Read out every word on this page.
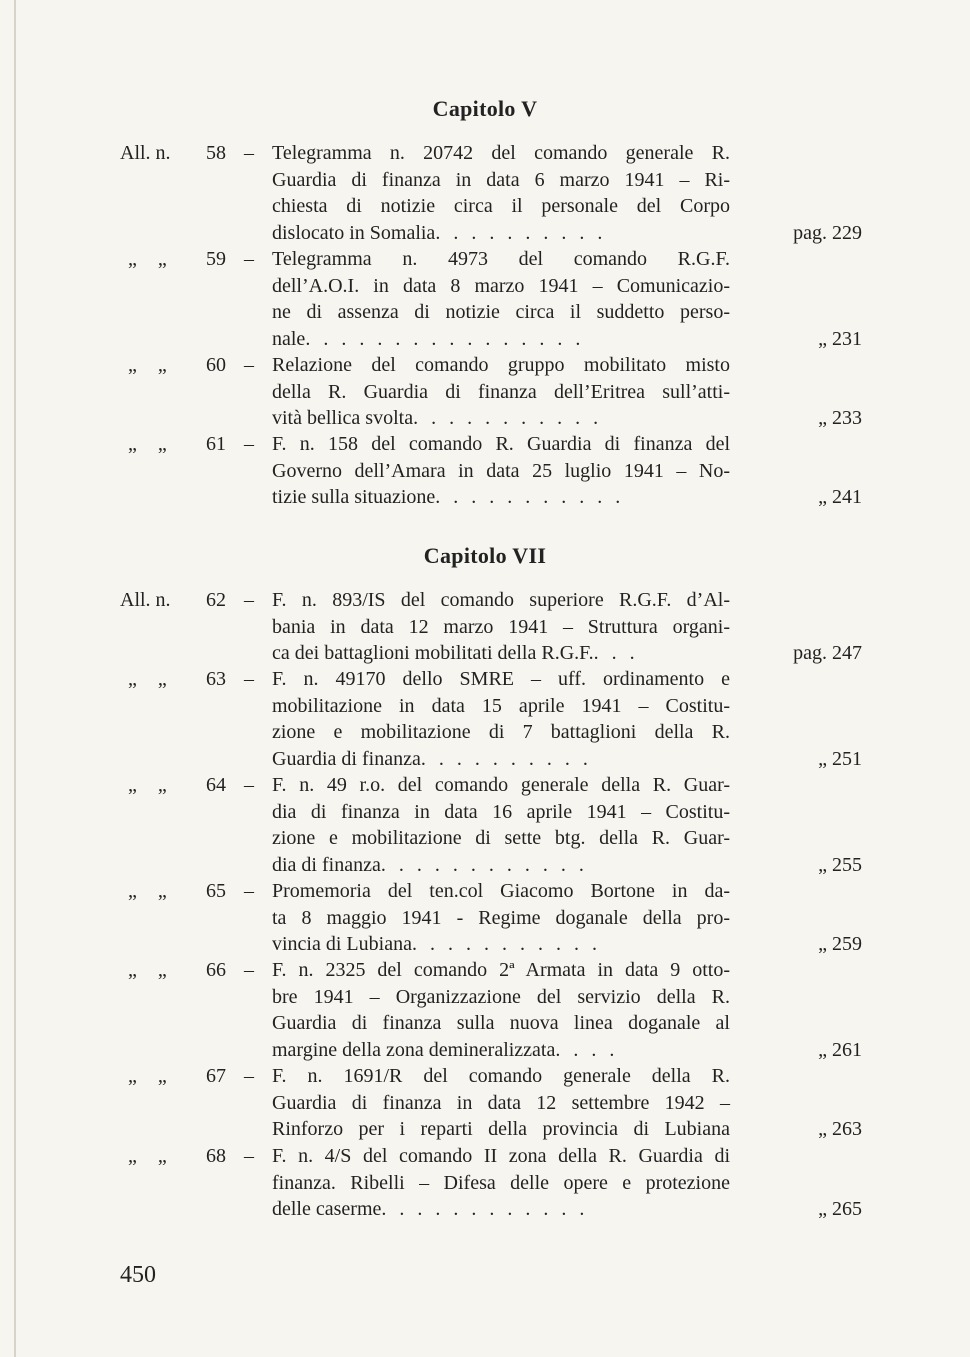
Capitolo V
All. n.	58 – Telegramma n. 20742 del comando generale R.
Guardia di finanza in data 6 marzo 1941 – Ri-
chiesta di notizie circa il personale del Corpo
dislocato in Somalia. . . . . . . . . .	pag. 229
„ „	59 – Telegramma n. 4973 del comando R.G.F.
dell’A.O.I. in data 8 marzo 1941 – Comunicazio-
ne di assenza di notizie circa il suddetto perso-
nale. . . . . . . . . . . . . . . .	„ 231
„ „	60 – Relazione del comando gruppo mobilitato misto
della R. Guardia di finanza dell’Eritrea sull’atti-
vità bellica svolta. . . . . . . . . . .	„ 233
„ „	61 – F. n. 158 del comando R. Guardia di finanza del
Governo dell’Amara in data 25 luglio 1941 – No-
tizie sulla situazione. . . . . . . . . . .	„ 241
Capitolo VII
All. n.	62 – F. n. 893/IS del comando superiore R.G.F. d’Al-
bania in data 12 marzo 1941 – Struttura organi-
ca dei battaglioni mobilitati della R.G.F.. . .	pag. 247
„ „	63 – F. n. 49170 dello SMRE – uff. ordinamento e
mobilitazione in data 15 aprile 1941 – Costitu-
zione e mobilitazione di 7 battaglioni della R.
Guardia di finanza. . . . . . . . . .	„ 251
„ „	64 – F. n. 49 r.o. del comando generale della R. Guar-
dia di finanza in data 16 aprile 1941 – Costitu-
zione e mobilitazione di sette btg. della R. Guar-
dia di finanza. . . . . . . . . . . .	„ 255
„ „	65 – Promemoria del ten.col Giacomo Bortone in da-
ta 8 maggio 1941 - Regime doganale della pro-
vincia di Lubiana. . . . . . . . . . .	„ 259
„ „	66 – F. n. 2325 del comando 2ª Armata in data 9 otto-
bre 1941 – Organizzazione del servizio della R.
Guardia di finanza sulla nuova linea doganale al
margine della zona demineralizzata. . . .	„ 261
„ „	67 – F. n. 1691/R del comando generale della R.
Guardia di finanza in data 12 settembre 1942 –
Rinforzo per i reparti della provincia di Lubiana	„ 263
„ „	68 – F. n. 4/S del comando II zona della R. Guardia di
finanza. Ribelli – Difesa delle opere e protezione
delle caserme. . . . . . . . . . . .	„ 265
450
